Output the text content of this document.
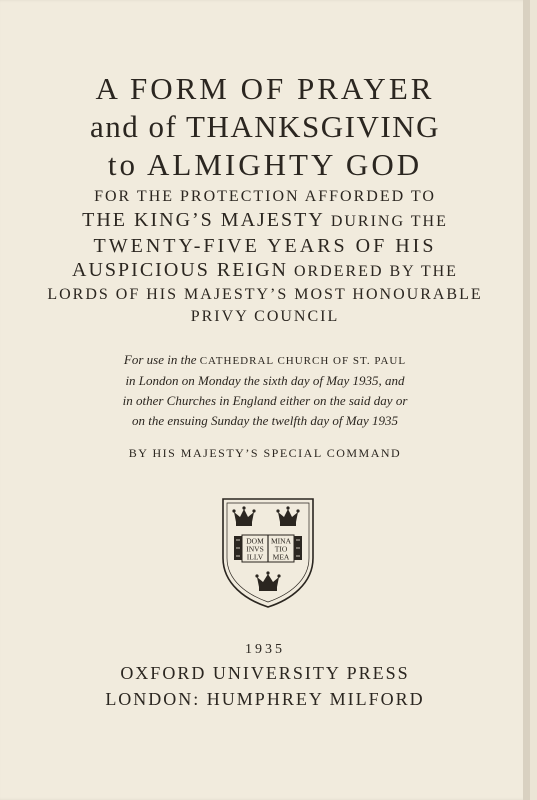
A FORM OF PRAYER
and of THANKSGIVING
to ALMIGHTY GOD
FOR THE PROTECTION AFFORDED TO
THE KING’S MAJESTY DURING THE
TWENTY-FIVE YEARS OF HIS
AUSPICIOUS REIGN ORDERED BY THE
LORDS OF HIS MAJESTY’S MOST HONOURABLE
PRIVY COUNCIL
For use in the CATHEDRAL CHURCH OF ST. PAUL
in London on Monday the sixth day of May 1935, and
in other Churches in England either on the said day or
on the ensuing Sunday the twelfth day of May 1935
BY HIS MAJESTY’S SPECIAL COMMAND
DOM
INVS
ILLV
MINA
TIO
MEA
1935
OXFORD UNIVERSITY PRESS
LONDON: HUMPHREY MILFORD
